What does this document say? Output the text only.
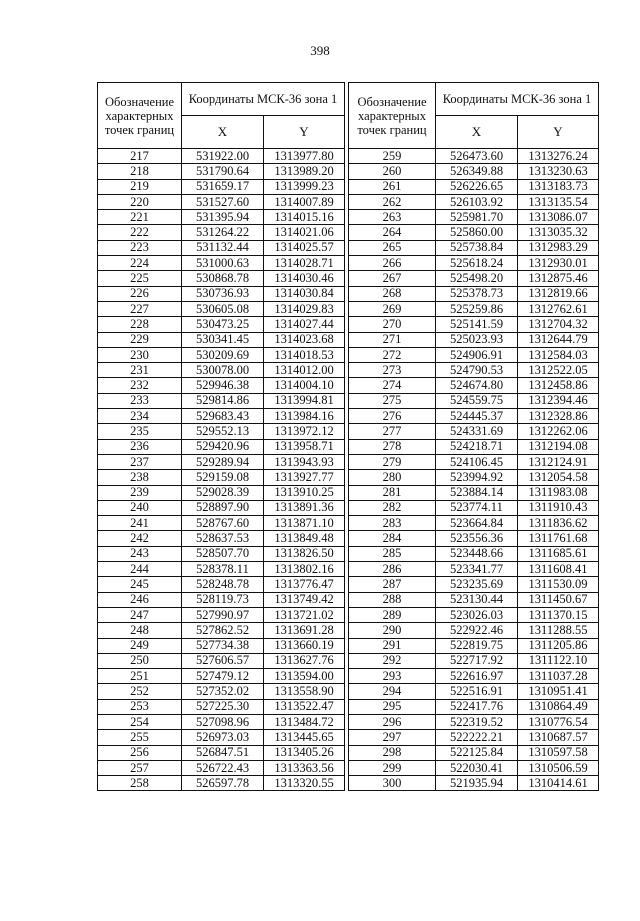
398
Обозначение характерных точек границ	Координаты МСК-36 зона 1	
	X	Y
217	531922.00	1313977.80
218	531790.64	1313989.20
219	531659.17	1313999.23
220	531527.60	1314007.89
221	531395.94	1314015.16
222	531264.22	1314021.06
223	531132.44	1314025.57
224	531000.63	1314028.71
225	530868.78	1314030.46
226	530736.93	1314030.84
227	530605.08	1314029.83
228	530473.25	1314027.44
229	530341.45	1314023.68
230	530209.69	1314018.53
231	530078.00	1314012.00
232	529946.38	1314004.10
233	529814.86	1313994.81
234	529683.43	1313984.16
235	529552.13	1313972.12
236	529420.96	1313958.71
237	529289.94	1313943.93
238	529159.08	1313927.77
239	529028.39	1313910.25
240	528897.90	1313891.36
241	528767.60	1313871.10
242	528637.53	1313849.48
243	528507.70	1313826.50
244	528378.11	1313802.16
245	528248.78	1313776.47
246	528119.73	1313749.42
247	527990.97	1313721.02
248	527862.52	1313691.28
249	527734.38	1313660.19
250	527606.57	1313627.76
251	527479.12	1313594.00
252	527352.02	1313558.90
253	527225.30	1313522.47
254	527098.96	1313484.72
255	526973.03	1313445.65
256	526847.51	1313405.26
257	526722.43	1313363.56
258	526597.78	1313320.55
Обозначение характерных точек границ	Координаты МСК-36 зона 1	
	X	Y
259	526473.60	1313276.24
260	526349.88	1313230.63
261	526226.65	1313183.73
262	526103.92	1313135.54
263	525981.70	1313086.07
264	525860.00	1313035.32
265	525738.84	1312983.29
266	525618.24	1312930.01
267	525498.20	1312875.46
268	525378.73	1312819.66
269	525259.86	1312762.61
270	525141.59	1312704.32
271	525023.93	1312644.79
272	524906.91	1312584.03
273	524790.53	1312522.05
274	524674.80	1312458.86
275	524559.75	1312394.46
276	524445.37	1312328.86
277	524331.69	1312262.06
278	524218.71	1312194.08
279	524106.45	1312124.91
280	523994.92	1312054.58
281	523884.14	1311983.08
282	523774.11	1311910.43
283	523664.84	1311836.62
284	523556.36	1311761.68
285	523448.66	1311685.61
286	523341.77	1311608.41
287	523235.69	1311530.09
288	523130.44	1311450.67
289	523026.03	1311370.15
290	522922.46	1311288.55
291	522819.75	1311205.86
292	522717.92	1311122.10
293	522616.97	1311037.28
294	522516.91	1310951.41
295	522417.76	1310864.49
296	522319.52	1310776.54
297	522222.21	1310687.57
298	522125.84	1310597.58
299	522030.41	1310506.59
300	521935.94	1310414.61
